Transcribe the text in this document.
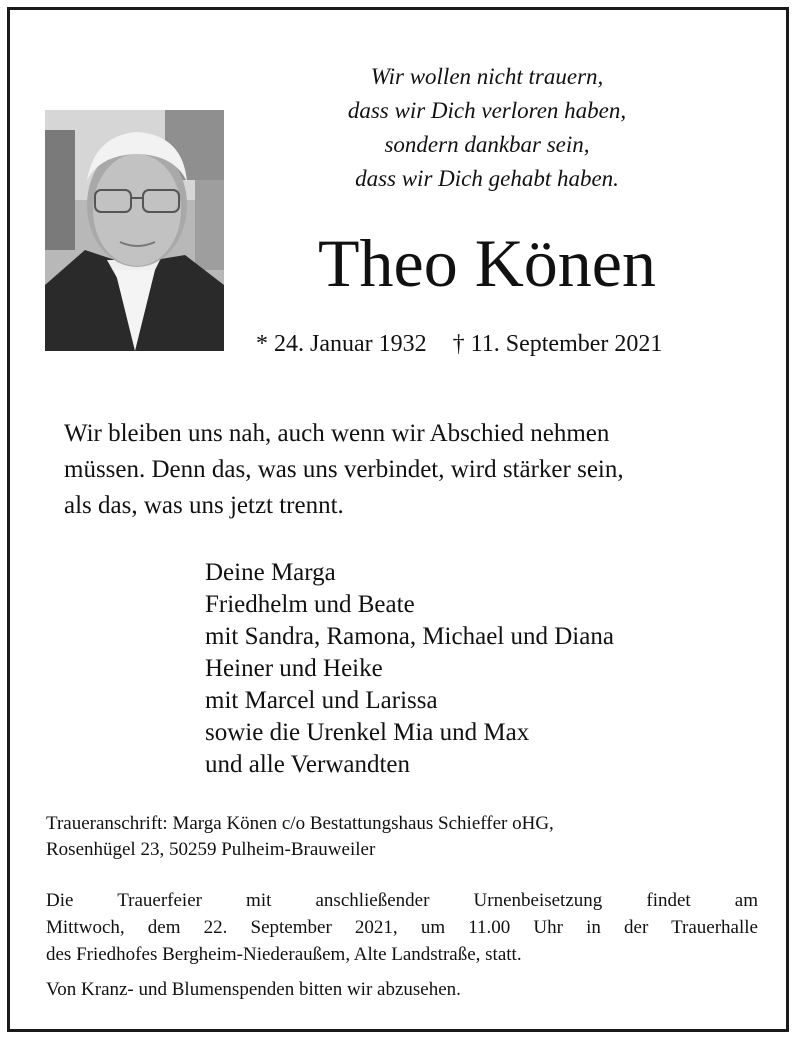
Wir wollen nicht trauern,
dass wir Dich verloren haben,
sondern dankbar sein,
dass wir Dich gehabt haben.

Theo Könen
* 24. Januar 1932 † 11. September 2021
Wir bleiben uns nah, auch wenn wir Abschied nehmen
müssen. Denn das, was uns verbindet, wird stärker sein,
als das, was uns jetzt trennt.
Deine Marga
Friedhelm und Beate
mit Sandra, Ramona, Michael und Diana
Heiner und Heike
mit Marcel und Larissa
sowie die Urenkel Mia und Max
und alle Verwandten
Traueranschrift: Marga Könen c/o Bestattungshaus Schieffer oHG,
Rosenhügel 23, 50259 Pulheim-Brauweiler
Die Trauerfeier mit anschließender Urnenbeisetzung findet am
Mittwoch, dem 22. September 2021, um 11.00 Uhr in der Trauerhalle
des Friedhofes Bergheim-Niederaußem, Alte Landstraße, statt.
Von Kranz- und Blumenspenden bitten wir abzusehen.
